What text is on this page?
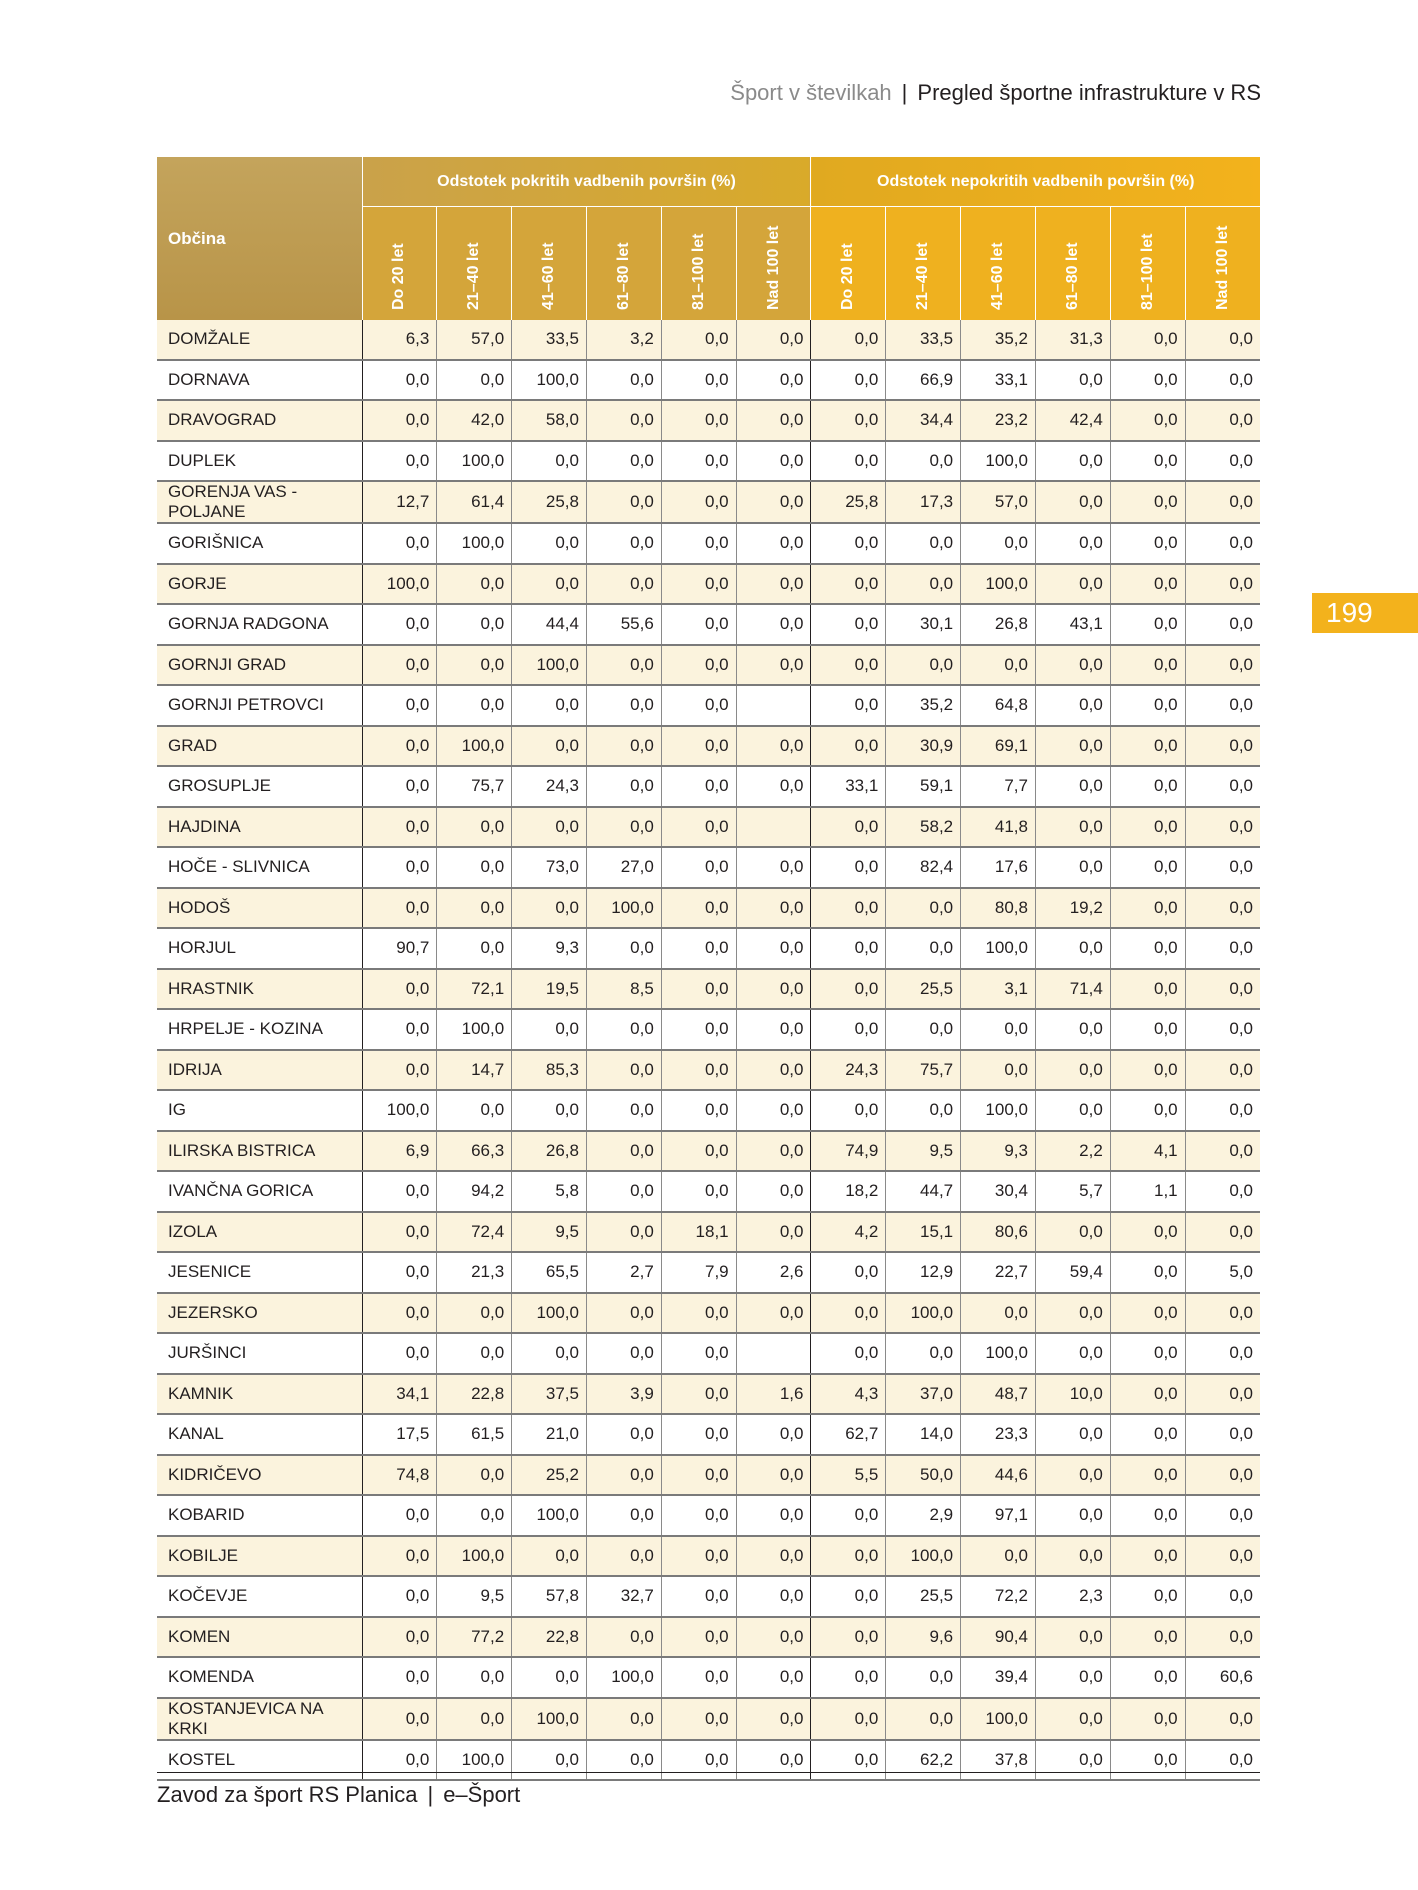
Šport v številkah | Pregled športne infrastrukture v RS
199
Občina	Odstotek pokritih vadbenih površin (%)						Odstotek nepokritih vadbenih površin (%)					

	Do 20 let	21–40 let	41–60 let	61–80 let	81–100 let	Nad 100 let	Do 20 let	21–40 let	41–60 let	61–80 let	81–100 let	Nad 100 let

DOMŽALE	6,3	57,0	33,5	3,2	0,0	0,0	0,0	33,5	35,2	31,3	0,0	0,0
DORNAVA	0,0	0,0	100,0	0,0	0,0	0,0	0,0	66,9	33,1	0,0	0,0	0,0
DRAVOGRAD	0,0	42,0	58,0	0,0	0,0	0,0	0,0	34,4	23,2	42,4	0,0	0,0
DUPLEK	0,0	100,0	0,0	0,0	0,0	0,0	0,0	0,0	100,0	0,0	0,0	0,0
GORENJA VAS - POLJANE	12,7	61,4	25,8	0,0	0,0	0,0	25,8	17,3	57,0	0,0	0,0	0,0
GORIŠNICA	0,0	100,0	0,0	0,0	0,0	0,0	0,0	0,0	0,0	0,0	0,0	0,0
GORJE	100,0	0,0	0,0	0,0	0,0	0,0	0,0	0,0	100,0	0,0	0,0	0,0
GORNJA RADGONA	0,0	0,0	44,4	55,6	0,0	0,0	0,0	30,1	26,8	43,1	0,0	0,0
GORNJI GRAD	0,0	0,0	100,0	0,0	0,0	0,0	0,0	0,0	0,0	0,0	0,0	0,0
GORNJI PETROVCI	0,0	0,0	0,0	0,0	0,0		0,0	35,2	64,8	0,0	0,0	0,0
GRAD	0,0	100,0	0,0	0,0	0,0	0,0	0,0	30,9	69,1	0,0	0,0	0,0
GROSUPLJE	0,0	75,7	24,3	0,0	0,0	0,0	33,1	59,1	7,7	0,0	0,0	0,0
HAJDINA	0,0	0,0	0,0	0,0	0,0		0,0	58,2	41,8	0,0	0,0	0,0
HOČE - SLIVNICA	0,0	0,0	73,0	27,0	0,0	0,0	0,0	82,4	17,6	0,0	0,0	0,0
HODOŠ	0,0	0,0	0,0	100,0	0,0	0,0	0,0	0,0	80,8	19,2	0,0	0,0
HORJUL	90,7	0,0	9,3	0,0	0,0	0,0	0,0	0,0	100,0	0,0	0,0	0,0
HRASTNIK	0,0	72,1	19,5	8,5	0,0	0,0	0,0	25,5	3,1	71,4	0,0	0,0
HRPELJE - KOZINA	0,0	100,0	0,0	0,0	0,0	0,0	0,0	0,0	0,0	0,0	0,0	0,0
IDRIJA	0,0	14,7	85,3	0,0	0,0	0,0	24,3	75,7	0,0	0,0	0,0	0,0
IG	100,0	0,0	0,0	0,0	0,0	0,0	0,0	0,0	100,0	0,0	0,0	0,0
ILIRSKA BISTRICA	6,9	66,3	26,8	0,0	0,0	0,0	74,9	9,5	9,3	2,2	4,1	0,0
IVANČNA GORICA	0,0	94,2	5,8	0,0	0,0	0,0	18,2	44,7	30,4	5,7	1,1	0,0
IZOLA	0,0	72,4	9,5	0,0	18,1	0,0	4,2	15,1	80,6	0,0	0,0	0,0
JESENICE	0,0	21,3	65,5	2,7	7,9	2,6	0,0	12,9	22,7	59,4	0,0	5,0
JEZERSKO	0,0	0,0	100,0	0,0	0,0	0,0	0,0	100,0	0,0	0,0	0,0	0,0
JURŠINCI	0,0	0,0	0,0	0,0	0,0		0,0	0,0	100,0	0,0	0,0	0,0
KAMNIK	34,1	22,8	37,5	3,9	0,0	1,6	4,3	37,0	48,7	10,0	0,0	0,0
KANAL	17,5	61,5	21,0	0,0	0,0	0,0	62,7	14,0	23,3	0,0	0,0	0,0
KIDRIČEVO	74,8	0,0	25,2	0,0	0,0	0,0	5,5	50,0	44,6	0,0	0,0	0,0
KOBARID	0,0	0,0	100,0	0,0	0,0	0,0	0,0	2,9	97,1	0,0	0,0	0,0
KOBILJE	0,0	100,0	0,0	0,0	0,0	0,0	0,0	100,0	0,0	0,0	0,0	0,0
KOČEVJE	0,0	9,5	57,8	32,7	0,0	0,0	0,0	25,5	72,2	2,3	0,0	0,0
KOMEN	0,0	77,2	22,8	0,0	0,0	0,0	0,0	9,6	90,4	0,0	0,0	0,0
KOMENDA	0,0	0,0	0,0	100,0	0,0	0,0	0,0	0,0	39,4	0,0	0,0	60,6
KOSTANJEVICA NA KRKI	0,0	0,0	100,0	0,0	0,0	0,0	0,0	0,0	100,0	0,0	0,0	0,0
KOSTEL	0,0	100,0	0,0	0,0	0,0	0,0	0,0	62,2	37,8	0,0	0,0	0,0
Zavod za šport RS Planica | e–Šport
